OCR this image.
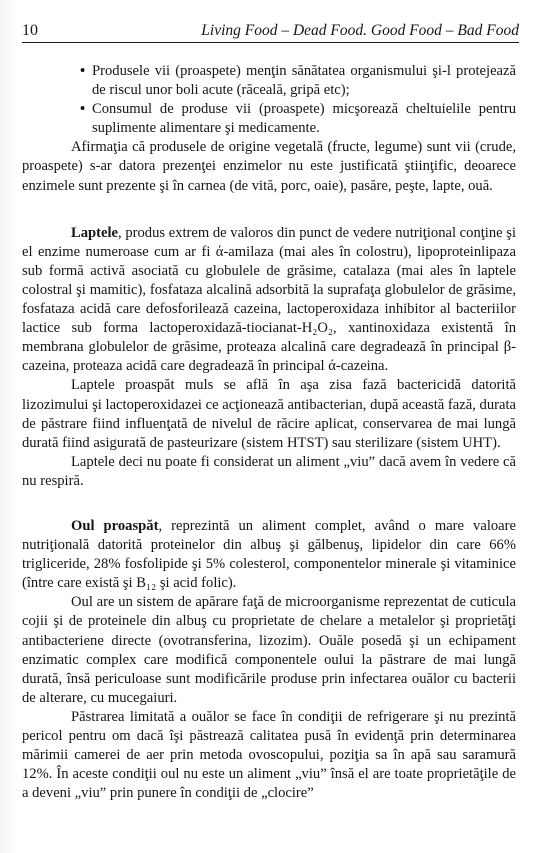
10	Living Food – Dead Food. Good Food – Bad Food

• Produsele vii (proaspete) menţin sănătatea organismului şi-l protejează de riscul unor boli acute (răceală, gripă etc);

• Consumul de produse vii (proaspete) micşorează cheltuielile pentru suplimente alimentare şi medicamente.

Afirmaţia că produsele de origine vegetală (fructe, legume) sunt vii (crude, proaspete) s-ar datora prezenţei enzimelor nu este justificată ştiinţific, deoarece enzimele sunt prezente şi în carnea (de vită, porc, oaie), pasăre, peşte, lapte, ouă.

Laptele, produs extrem de valoros din punct de vedere nutriţional conţine şi el enzime numeroase cum ar fi ά-amilaza (mai ales în colostru), lipoproteinlipaza sub formă activă asociată cu globulele de grăsime, catalaza (mai ales în laptele colostral şi mamitic), fosfataza alcalină adsorbită la suprafaţa globulelor de grăsime, fosfataza acidă care defosforilează cazeina, lactoperoxidaza inhibitor al bacteriilor lactice sub forma lactoperoxidază-tiocianat-H₂O₂, xantinoxidaza existentă în membrana globulelor de grăsime, proteaza alcalină care degradează în principal β-cazeina, proteaza acidă care degradează în principal ά-cazeina.

Laptele proaspăt muls se află în aşa zisa fază bactericidă datorită lizozimului şi lactoperoxidazei ce acţionează antibacterian, după această fază, durata de păstrare fiind influenţată de nivelul de răcire aplicat, conservarea de mai lungă durată fiind asigurată de pasteurizare (sistem HTST) sau sterilizare (sistem UHT).

Laptele deci nu poate fi considerat un aliment „viu” dacă avem în vedere că nu respiră.

Oul proaspăt, reprezintă un aliment complet, având o mare valoare nutriţională datorită proteinelor din albuş şi gălbenuş, lipidelor din care 66% trigliceride, 28% fosfolipide şi 5% colesterol, componentelor minerale şi vitaminice (între care există şi B₁₂ şi acid folic).

Oul are un sistem de apărare faţă de microorganisme reprezentat de cuticula cojii şi de proteinele din albuş cu proprietate de chelare a metalelor şi proprietăţi antibacteriene directe (ovotransferina, lizozim). Ouăle posedă şi un echipament enzimatic complex care modifică componentele oului la păstrare de mai lungă durată, însă periculoase sunt modificările produse prin infectarea ouălor cu bacterii de alterare, cu mucegaiuri.

Păstrarea limitată a ouălor se face în condiţii de refrigerare şi nu prezintă pericol pentru om dacă îşi păstrează calitatea pusă în evidenţă prin determinarea mărimii camerei de aer prin metoda ovoscopului, poziţia sa în apă sau saramură 12%. În aceste condiţii oul nu este un aliment „viu” însă el are toate proprietăţile de a deveni „viu” prin punere în condiţii de „clocire”
